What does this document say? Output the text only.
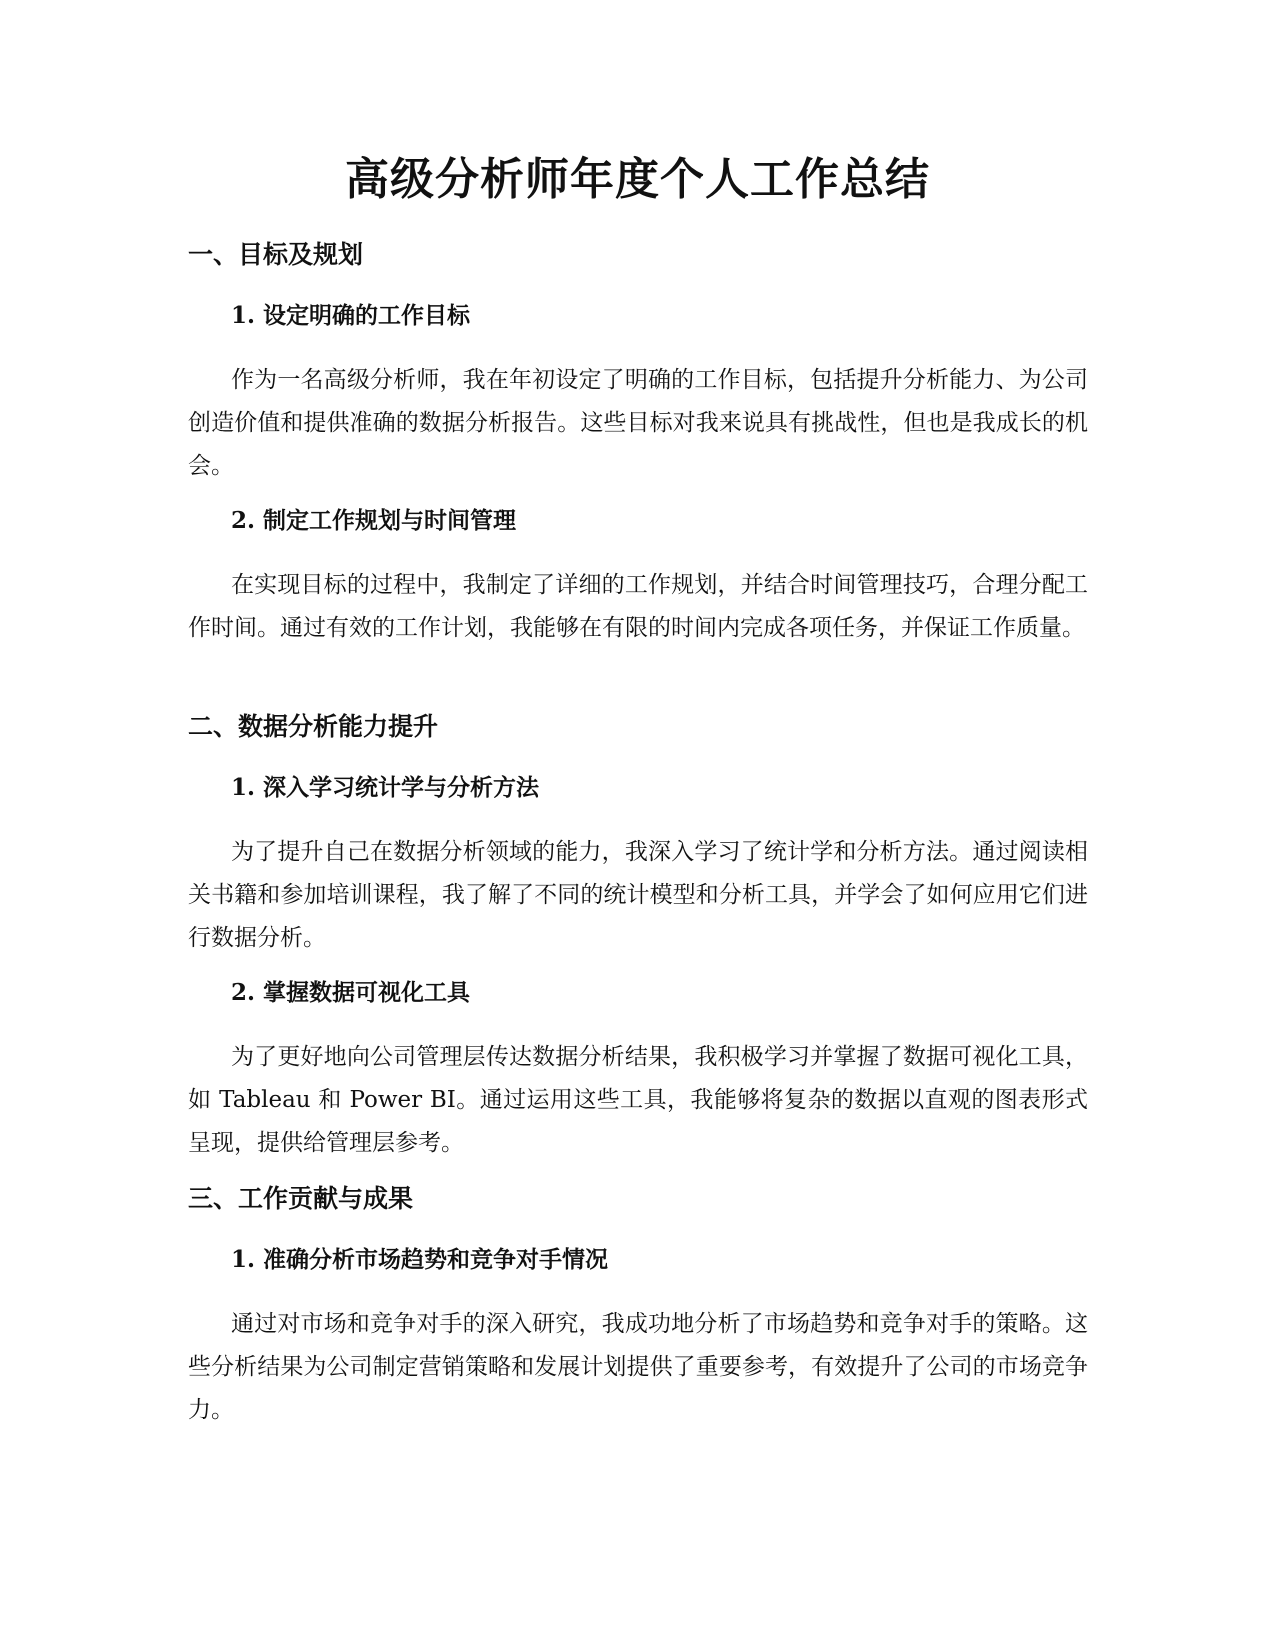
高级分析师年度个人工作总结
一、目标及规划
1. 设定明确的工作目标

作为一名高级分析师，我在年初设定了明确的工作目标，包括提升分析能力、为公司创造价值和提供准确的数据分析报告。这些目标对我来说具有挑战性，但也是我成长的机会。

2. 制定工作规划与时间管理

在实现目标的过程中，我制定了详细的工作规划，并结合时间管理技巧，合理分配工作时间。通过有效的工作计划，我能够在有限的时间内完成各项任务，并保证工作质量。

二、数据分析能力提升
1. 深入学习统计学与分析方法

为了提升自己在数据分析领域的能力，我深入学习了统计学和分析方法。通过阅读相关书籍和参加培训课程，我了解了不同的统计模型和分析工具，并学会了如何应用它们进行数据分析。

2. 掌握数据可视化工具

为了更好地向公司管理层传达数据分析结果，我积极学习并掌握了数据可视化工具，如 Tableau 和 Power BI。通过运用这些工具，我能够将复杂的数据以直观的图表形式呈现，提供给管理层参考。

三、工作贡献与成果
1. 准确分析市场趋势和竞争对手情况

通过对市场和竞争对手的深入研究，我成功地分析了市场趋势和竞争对手的策略。这些分析结果为公司制定营销策略和发展计划提供了重要参考，有效提升了公司的市场竞争力。
